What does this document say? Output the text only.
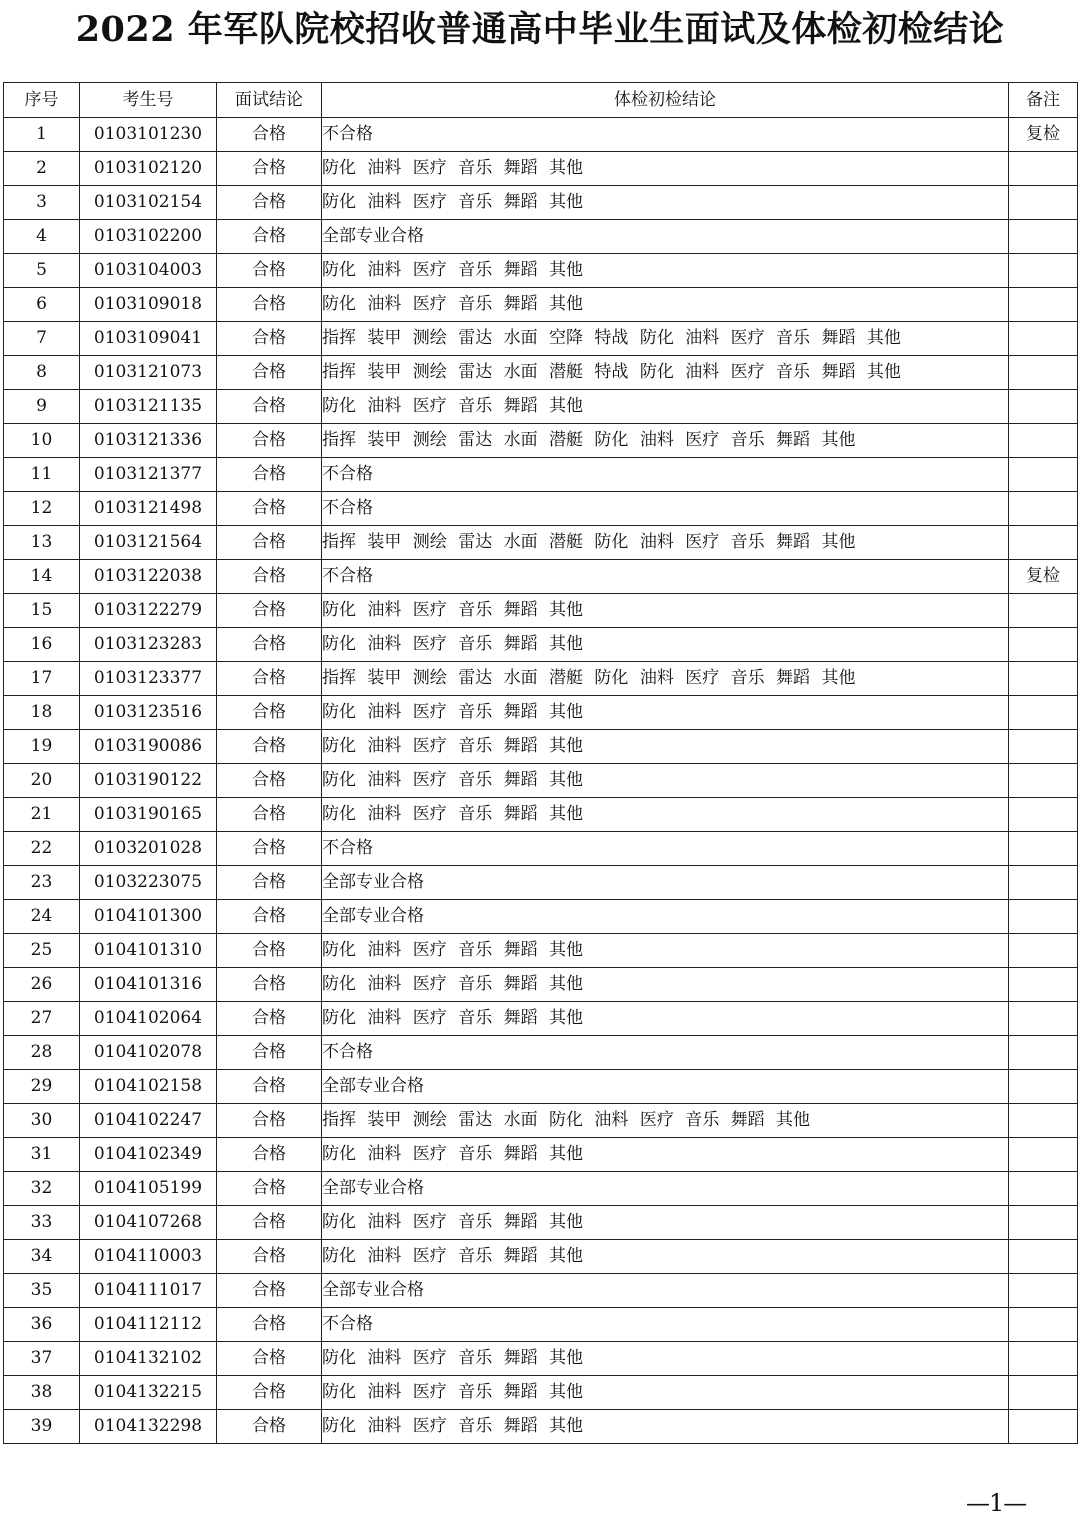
2022 年军队院校招收普通高中毕业生面试及体检初检结论
序号	考生号	面试结论	体检初检结论	备注
1	0103101230	合格	不合格	复检
2	0103102120	合格	防化 油料 医疗 音乐 舞蹈 其他	
3	0103102154	合格	防化 油料 医疗 音乐 舞蹈 其他	
4	0103102200	合格	全部专业合格	
5	0103104003	合格	防化 油料 医疗 音乐 舞蹈 其他	
6	0103109018	合格	防化 油料 医疗 音乐 舞蹈 其他	
7	0103109041	合格	指挥 装甲 测绘 雷达 水面 空降 特战 防化 油料 医疗 音乐 舞蹈 其他	
8	0103121073	合格	指挥 装甲 测绘 雷达 水面 潜艇 特战 防化 油料 医疗 音乐 舞蹈 其他	
9	0103121135	合格	防化 油料 医疗 音乐 舞蹈 其他	
10	0103121336	合格	指挥 装甲 测绘 雷达 水面 潜艇 防化 油料 医疗 音乐 舞蹈 其他	
11	0103121377	合格	不合格	
12	0103121498	合格	不合格	
13	0103121564	合格	指挥 装甲 测绘 雷达 水面 潜艇 防化 油料 医疗 音乐 舞蹈 其他	
14	0103122038	合格	不合格	复检
15	0103122279	合格	防化 油料 医疗 音乐 舞蹈 其他	
16	0103123283	合格	防化 油料 医疗 音乐 舞蹈 其他	
17	0103123377	合格	指挥 装甲 测绘 雷达 水面 潜艇 防化 油料 医疗 音乐 舞蹈 其他	
18	0103123516	合格	防化 油料 医疗 音乐 舞蹈 其他	
19	0103190086	合格	防化 油料 医疗 音乐 舞蹈 其他	
20	0103190122	合格	防化 油料 医疗 音乐 舞蹈 其他	
21	0103190165	合格	防化 油料 医疗 音乐 舞蹈 其他	
22	0103201028	合格	不合格	
23	0103223075	合格	全部专业合格	
24	0104101300	合格	全部专业合格	
25	0104101310	合格	防化 油料 医疗 音乐 舞蹈 其他	
26	0104101316	合格	防化 油料 医疗 音乐 舞蹈 其他	
27	0104102064	合格	防化 油料 医疗 音乐 舞蹈 其他	
28	0104102078	合格	不合格	
29	0104102158	合格	全部专业合格	
30	0104102247	合格	指挥 装甲 测绘 雷达 水面 防化 油料 医疗 音乐 舞蹈 其他	
31	0104102349	合格	防化 油料 医疗 音乐 舞蹈 其他	
32	0104105199	合格	全部专业合格	
33	0104107268	合格	防化 油料 医疗 音乐 舞蹈 其他	
34	0104110003	合格	防化 油料 医疗 音乐 舞蹈 其他	
35	0104111017	合格	全部专业合格	
36	0104112112	合格	不合格	
37	0104132102	合格	防化 油料 医疗 音乐 舞蹈 其他	
38	0104132215	合格	防化 油料 医疗 音乐 舞蹈 其他	
39	0104132298	合格	防化 油料 医疗 音乐 舞蹈 其他	
—1—
